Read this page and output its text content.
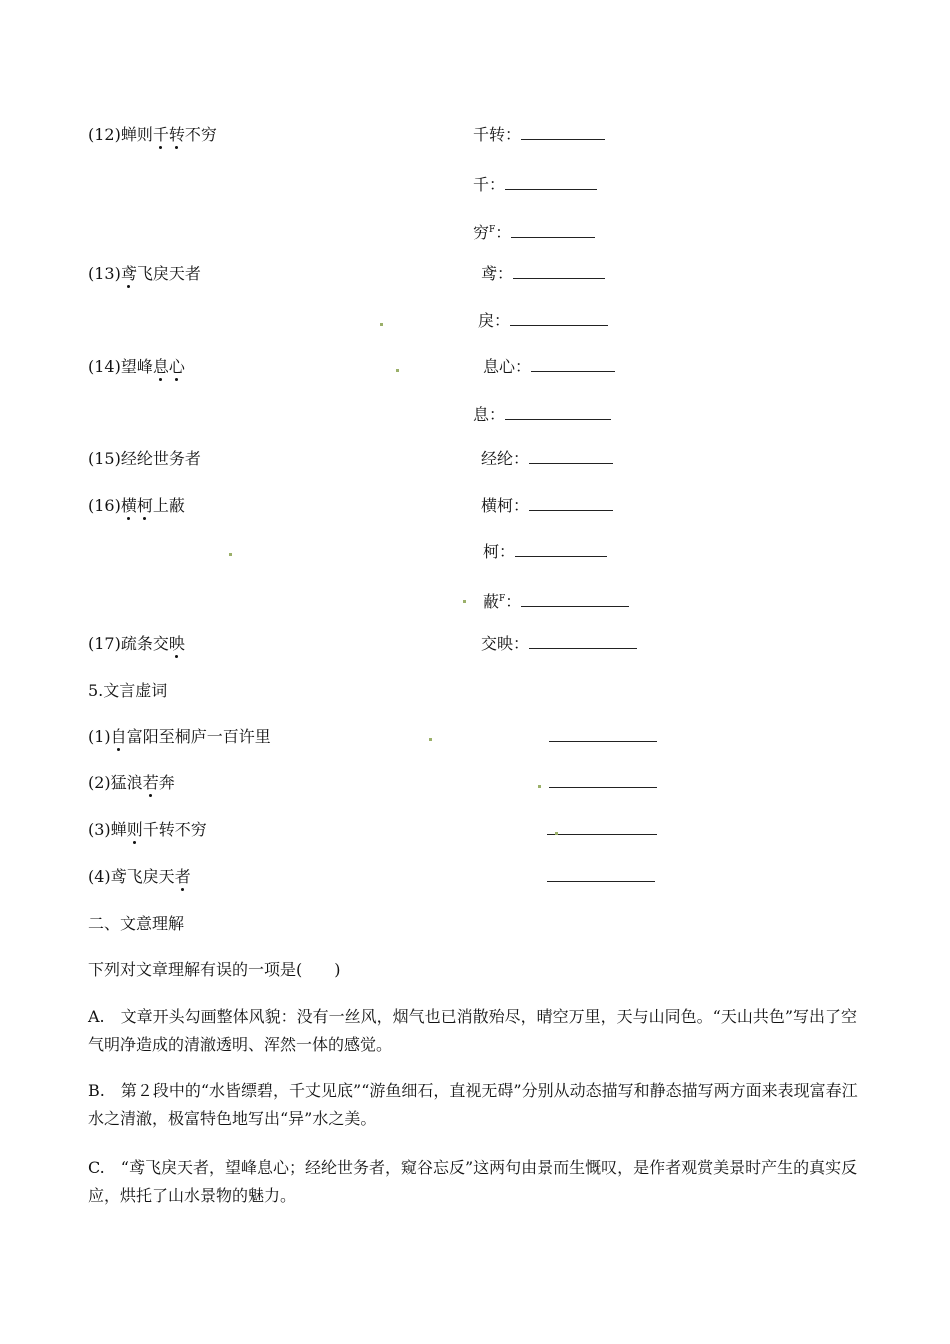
(12)蝉则千转不穷	千转：
千：
穷$^F$：
(13)鸢飞戾天者	鸢：
戾：
(14)望峰息心	息心：
息：
(15)经纶世务者	经纶：
(16)横柯上蔽	横柯：
柯：
蔽$^F$：
(17)疏条交映	交映：
5.文言虚词
(1)自富阳至桐庐一百许里
(2)猛浪若奔
(3)蝉则千转不穷
(4)鸢飞戾天者
二、文意理解
下列对文章理解有误的一项是(　　)
A.　文章开头勾画整体风貌：没有一丝风，烟气也已消散殆尽，晴空万里，天与山同色。“天山共色”写出了空气明净造成的清澈透明、浑然一体的感觉。
B.　第２段中的“水皆缥碧，千丈见底”“游鱼细石，直视无碍”分别从动态描写和静态描写两方面来表现富春江水之清澈，极富特色地写出“异”水之美。
C.　“鸢飞戾天者，望峰息心；经纶世务者，窥谷忘反”这两句由景而生慨叹，是作者观赏美景时产生的真实反应，烘托了山水景物的魅力。
